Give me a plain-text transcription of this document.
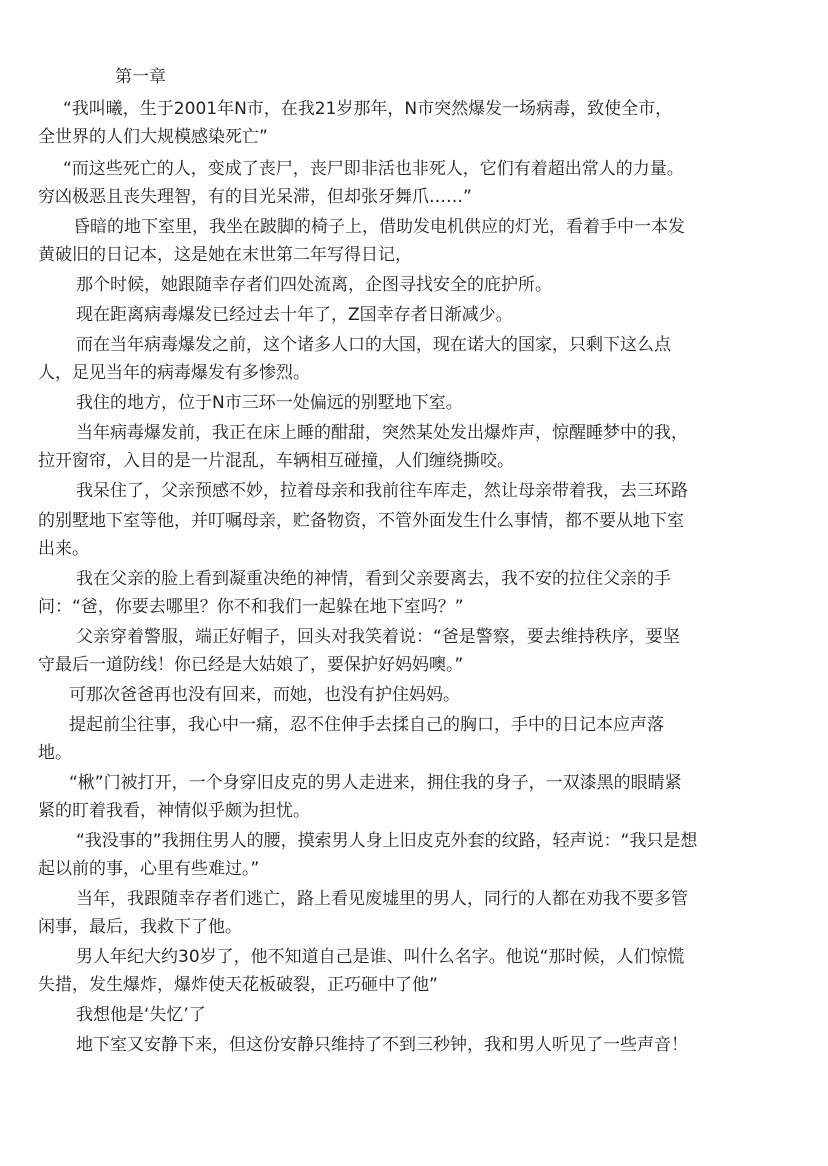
第一章

“我叫曦，生于2001年N市，在我21岁那年，N市突然爆发一场病毒，致使全市，

全世界的人们大规模感染死亡”

“而这些死亡的人，变成了丧尸，丧尸即非活也非死人，它们有着超出常人的力量。

穷凶极恶且丧失理智，有的目光呆滞，但却张牙舞爪……”

昏暗的地下室里，我坐在跛脚的椅子上，借助发电机供应的灯光，看着手中一本发

黄破旧的日记本，这是她在末世第二年写得日记，

那个时候，她跟随幸存者们四处流离，企图寻找安全的庇护所。

现在距离病毒爆发已经过去十年了，Z国幸存者日渐减少。

而在当年病毒爆发之前，这个诸多人口的大国，现在诺大的国家，只剩下这么点

人，足见当年的病毒爆发有多惨烈。

我住的地方，位于N市三环一处偏远的别墅地下室。

当年病毒爆发前，我正在床上睡的酣甜，突然某处发出爆炸声，惊醒睡梦中的我，

拉开窗帘，入目的是一片混乱，车辆相互碰撞，人们缠绕撕咬。

我呆住了，父亲预感不妙，拉着母亲和我前往车库走，然让母亲带着我，去三环路

的别墅地下室等他，并叮嘱母亲，贮备物资，不管外面发生什么事情，都不要从地下室

出来。

我在父亲的脸上看到凝重决绝的神情，看到父亲要离去，我不安的拉住父亲的手

问：“爸，你要去哪里？你不和我们一起躲在地下室吗？”

父亲穿着警服，端正好帽子，回头对我笑着说：“爸是警察，要去维持秩序，要坚

守最后一道防线！你已经是大姑娘了，要保护好妈妈噢。”

可那次爸爸再也没有回来，而她，也没有护住妈妈。

提起前尘往事，我心中一痛，忍不住伸手去揉自己的胸口，手中的日记本应声落

地。

“楸”门被打开，一个身穿旧皮克的男人走进来，拥住我的身子，一双漆黑的眼睛紧

紧的盯着我看，神情似乎颇为担忧。

“我没事的”我拥住男人的腰，摸索男人身上旧皮克外套的纹路，轻声说：“我只是想

起以前的事，心里有些难过。”

当年，我跟随幸存者们逃亡，路上看见废墟里的男人，同行的人都在劝我不要多管

闲事，最后，我救下了他。

男人年纪大约30岁了，他不知道自己是谁、叫什么名字。他说“那时候，人们惊慌

失措，发生爆炸，爆炸使天花板破裂，正巧砸中了他”

我想他是‘失忆’了

地下室又安静下来，但这份安静只维持了不到三秒钟，我和男人听见了一些声音！
